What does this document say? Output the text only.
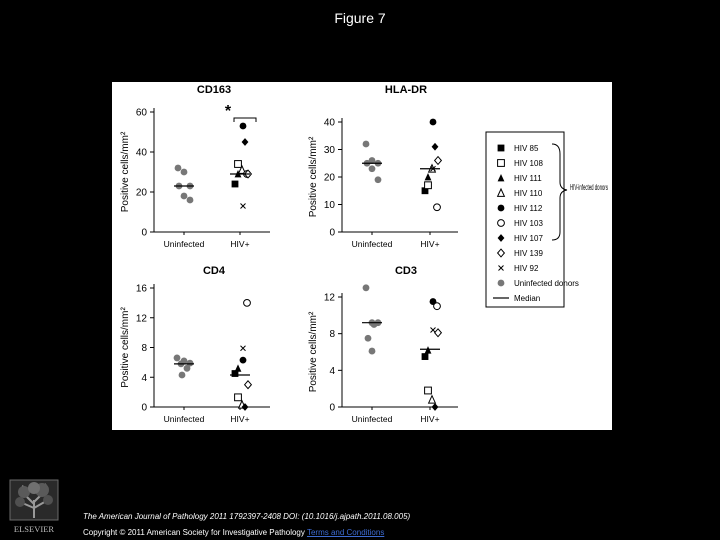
Figure 7
CD163
0
20
40
60
Uninfected	HIV+
Positive cells/mm²
*
HLA-DR
0
10
20
30
40
Uninfected	HIV+
Positive cells/mm²
CD4
0
4
8
12
16
Uninfected	HIV+
Positive cells/mm²
CD3
0
4
8
12
Uninfected	HIV+
Positive cells/mm²
HIV 85
HIV 108
HIV 111
HIV 110
HIV 112
HIV 103
HIV 107
HIV 139
HIV 92
Uninfected donors
Median
HIV-infected donors
ELSEVIER
The American Journal of Pathology 2011 1792397-2408 DOI: (10.1016/j.ajpath.2011.08.005)
Copyright © 2011 American Society for Investigative Pathology Terms and Conditions
